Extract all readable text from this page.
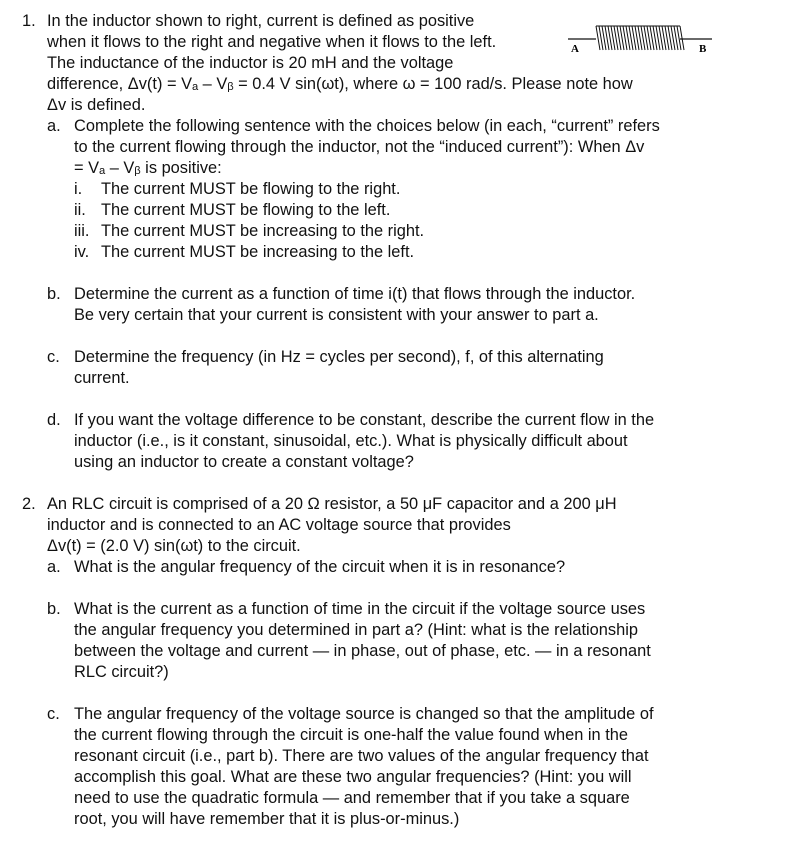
A	B
1. In the inductor shown to right, current is defined as positive
when it flows to the right and negative when it flows to the left.
The inductance of the inductor is 20 mH and the voltage
difference, Δv(t) = Vₐ – Vᵦ = 0.4 V sin(ωt), where ω = 100 rad/s. Please note how
Δv is defined.
a. Complete the following sentence with the choices below (in each, “current” refers
to the current flowing through the inductor, not the “induced current”): When Δv
= Vₐ – Vᵦ is positive:
i. The current MUST be flowing to the right.
ii. The current MUST be flowing to the left.
iii. The current MUST be increasing to the right.
iv. The current MUST be increasing to the left.
b. Determine the current as a function of time i(t) that flows through the inductor.
Be very certain that your current is consistent with your answer to part a.
c. Determine the frequency (in Hz = cycles per second), f, of this alternating
current.
d. If you want the voltage difference to be constant, describe the current flow in the
inductor (i.e., is it constant, sinusoidal, etc.). What is physically difficult about
using an inductor to create a constant voltage?
2. An RLC circuit is comprised of a 20 Ω resistor, a 50 μF capacitor and a 200 μH
inductor and is connected to an AC voltage source that provides
Δv(t) = (2.0 V) sin(ωt) to the circuit.
a. What is the angular frequency of the circuit when it is in resonance?
b. What is the current as a function of time in the circuit if the voltage source uses
the angular frequency you determined in part a? (Hint: what is the relationship
between the voltage and current — in phase, out of phase, etc. — in a resonant
RLC circuit?)
c. The angular frequency of the voltage source is changed so that the amplitude of
the current flowing through the circuit is one-half the value found when in the
resonant circuit (i.e., part b). There are two values of the angular frequency that
accomplish this goal. What are these two angular frequencies? (Hint: you will
need to use the quadratic formula — and remember that if you take a square
root, you will have remember that it is plus-or-minus.)
